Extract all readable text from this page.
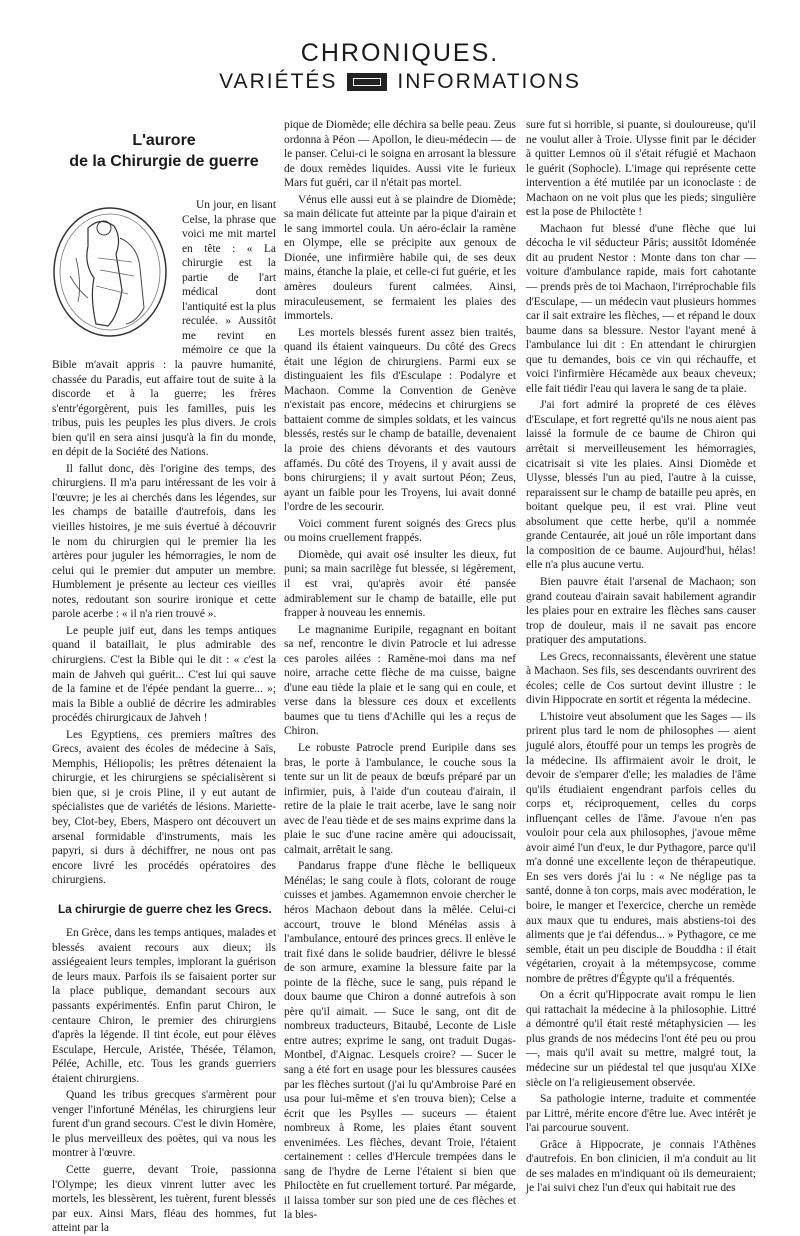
CHRONIQUES.
VARIÉTÉS	INFORMATIONS
L'aurore
de la Chirurgie de guerre

Un jour, en lisant Celse, la phrase que voici me mit martel en tête : « La chirurgie est la partie de l'art médical dont l'antiquité est la plus reculée. » Aussitôt me revint en mémoire ce que la Bible m'avait appris : la pauvre humanité, chassée du Paradis, eut affaire tout de suite à la discorde et à la guerre; les frères s'entr'égorgèrent, puis les familles, puis les tribus, puis les peuples les plus divers. Je crois bien qu'il en sera ainsi jusqu'à la fin du monde, en dépit de la Société des Nations.

Il fallut donc, dès l'origine des temps, des chirurgiens. Il m'a paru intéressant de les voir à l'œuvre; je les ai cherchés dans les légendes, sur les champs de bataille d'autrefois, dans les vieilles histoires, je me suis évertué à découvrir le nom du chirurgien qui le premier lia les artères pour juguler les hémorragies, le nom de celui qui le premier dut amputer un membre. Humblement je présente au lecteur ces vieilles notes, redoutant son sourire ironique et cette parole acerbe : « il n'a rien trouvé ».

Le peuple juif eut, dans les temps antiques quand il bataillait, le plus admirable des chirurgiens. C'est la Bible qui le dit : « c'est la main de Jahveh qui guérit... C'est lui qui sauve de la famine et de l'épée pendant la guerre... »; mais la Bible a oublié de décrire les admirables procédés chirurgicaux de Jahveh !

Les Egyptiens, ces premiers maîtres des Grecs, avaient des écoles de médecine à Saïs, Memphis, Héliopolis; les prêtres détenaient la chirurgie, et les chirurgiens se spécialisèrent si bien que, si je crois Pline, il y eut autant de spécialistes que de variétés de lésions. Mariette-bey, Clot-bey, Ebers, Maspero ont découvert un arsenal formidable d'instruments, mais les papyri, si durs à déchiffrer, ne nous ont pas encore livré les procédés opératoires des chirurgiens.

La chirurgie de guerre chez les Grecs.

En Grèce, dans les temps antiques, malades et blessés avaient recours aux dieux; ils assiégeaient leurs temples, implorant la guérison de leurs maux. Parfois ils se faisaient porter sur la place publique, demandant secours aux passants expérimentés. Enfin parut Chiron, le centaure Chiron, le premier des chirurgiens d'après la légende. Il tint école, eut pour élèves Esculape, Hercule, Aristée, Thésée, Télamon, Pélée, Achille, etc. Tous les grands guerriers étaient chirurgiens.

Quand les tribus grecques s'armèrent pour venger l'infortuné Ménélas, les chirurgiens leur furent d'un grand secours. C'est le divin Homère, le plus merveilleux des poètes, qui va nous les montrer à l'œuvre.

Cette guerre, devant Troie, passionna l'Olympe; les dieux vinrent lutter avec les mortels, les blessèrent, les tuèrent, furent blessés par eux. Ainsi Mars, fléau des hommes, fut atteint par la

pique de Diomède; elle déchira sa belle peau. Zeus ordonna à Péon — Apollon, le dieu-médecin — de le panser. Celui-ci le soigna en arrosant la blessure de doux remèdes liquides. Aussi vite le furieux Mars fut guéri, car il n'était pas mortel.

Vénus elle aussi eut à se plaindre de Diomède; sa main délicate fut atteinte par la pique d'airain et le sang immortel coula. Un aéro-éclair la ramène en Olympe, elle se précipite aux genoux de Dionée, une infirmière habile qui, de ses deux mains, étanche la plaie, et celle-ci fut guérie, et les amères douleurs furent calmées. Ainsi, miraculeusement, se fermaient les plaies des immortels.

Les mortels blessés furent assez bien traités, quand ils étaient vainqueurs. Du côté des Grecs était une légion de chirurgiens. Parmi eux se distinguaient les fils d'Esculape : Podalyre et Machaon. Comme la Convention de Genève n'existait pas encore, médecins et chirurgiens se battaient comme de simples soldats, et les vaincus blessés, restés sur le champ de bataille, devenaient la proie des chiens dévorants et des vautours affamés. Du côté des Troyens, il y avait aussi de bons chirurgiens; il y avait surtout Péon; Zeus, ayant un faible pour les Troyens, lui avait donné l'ordre de les secourir.

Voici comment furent soignés des Grecs plus ou moins cruellement frappés.

Diomède, qui avait osé insulter les dieux, fut puni; sa main sacrilège fut blessée, si légèrement, il est vrai, qu'après avoir été pansée admirablement sur le champ de bataille, elle put frapper à nouveau les ennemis.

Le magnanime Euripile, regagnant en boitant sa nef, rencontre le divin Patrocle et lui adresse ces paroles ailées : Ramène-moi dans ma nef noire, arrache cette flèche de ma cuisse, baigne d'une eau tiède la plaie et le sang qui en coule, et verse dans la blessure ces doux et excellents baumes que tu tiens d'Achille qui les a reçus de Chiron.

Le robuste Patrocle prend Euripile dans ses bras, le porte à l'ambulance, le couche sous la tente sur un lit de peaux de bœufs préparé par un infirmier, puis, à l'aide d'un couteau d'airain, il retire de la plaie le trait acerbe, lave le sang noir avec de l'eau tiède et de ses mains exprime dans la plaie le suc d'une racine amère qui adoucissait, calmait, arrêtait le sang.

Pandarus frappe d'une flèche le belliqueux Ménélas; le sang coule à flots, colorant de rouge cuisses et jambes. Agamemnon envoie chercher le héros Machaon debout dans la mêlée. Celui-ci accourt, trouve le blond Ménélas assis à l'ambulance, entouré des princes grecs. Il enlève le trait fixé dans le solide baudrier, délivre le blessé de son armure, examine la blessure faite par la pointe de la flèche, suce le sang, puis répand le doux baume que Chiron a donné autrefois à son père qu'il aimait. — Suce le sang, ont dit de nombreux traducteurs, Bitaubé, Leconte de Lisle entre autres; exprime le sang, ont traduit Dugas-Montbel, d'Aignac. Lesquels croire? — Sucer le sang a été fort en usage pour les blessures causées par les flèches surtout (j'ai lu qu'Ambroise Paré en usa pour lui-même et s'en trouva bien); Celse a écrit que les Psylles — suceurs — étaient nombreux à Rome, les plaies étant souvent envenimées. Les flèches, devant Troie, l'étaient certainement : celles d'Hercule trempées dans le sang de l'hydre de Lerne l'étaient si bien que Philoctète en fut cruellement torturé. Par mégarde, il laissa tomber sur son pied une de ces flèches et la bles-

sure fut si horrible, si puante, si douloureuse, qu'il ne voulut aller à Troie. Ulysse finit par le décider à quitter Lemnos où il s'était réfugié et Machaon le guérit (Sophocle). L'image qui représente cette intervention a été mutilée par un iconoclaste : de Machaon on ne voit plus que les pieds; singulière est la pose de Philoctète !

Machaon fut blessé d'une flèche que lui décocha le vil séducteur Pâris; aussitôt Idoménée dit au prudent Nestor : Monte dans ton char — voiture d'ambulance rapide, mais fort cahotante — prends près de toi Machaon, l'irréprochable fils d'Esculape, — un médecin vaut plusieurs hommes car il sait extraire les flèches, — et répand le doux baume dans sa blessure. Nestor l'ayant mené à l'ambulance lui dit : En attendant le chirurgien que tu demandes, bois ce vin qui réchauffe, et voici l'infirmière Hécamède aux beaux cheveux; elle fait tiédir l'eau qui lavera le sang de ta plaie.

J'ai fort admiré la propreté de ces élèves d'Esculape, et fort regretté qu'ils ne nous aient pas laissé la formule de ce baume de Chiron qui arrêtait si merveilleusement les hémorragies, cicatrisait si vite les plaies. Ainsi Diomède et Ulysse, blessés l'un au pied, l'autre à la cuisse, reparaissent sur le champ de bataille peu après, en boitant quelque peu, il est vrai. Pline veut absolument que cette herbe, qu'il a nommée grande Centaurée, ait joué un rôle important dans la composition de ce baume. Aujourd'hui, hélas! elle n'a plus aucune vertu.

Bien pauvre était l'arsenal de Machaon; son grand couteau d'airain savait habilement agrandir les plaies pour en extraire les flèches sans causer trop de douleur, mais il ne savait pas encore pratiquer des amputations.

Les Grecs, reconnaissants, élevèrent une statue à Machaon. Ses fils, ses descendants ouvrirent des écoles; celle de Cos surtout devint illustre : le divin Hippocrate en sortit et régenta la médecine.

L'histoire veut absolument que les Sages — ils prirent plus tard le nom de philosophes — aient jugulé alors, étouffé pour un temps les progrès de la médecine. Ils affirmaient avoir le droit, le devoir de s'emparer d'elle; les maladies de l'âme qu'ils étudiaient engendrant parfois celles du corps et, réciproquement, celles du corps influençant celles de l'âme. J'avoue n'en pas vouloir pour cela aux philosophes, j'avoue même avoir aimé l'un d'eux, le dur Pythagore, parce qu'il m'a donné une excellente leçon de thérapeutique. En ses vers dorés j'ai lu : « Ne néglige pas ta santé, donne à ton corps, mais avec modération, le boire, le manger et l'exercice, cherche un remède aux maux que tu endures, mais abstiens-toi des aliments que je t'ai défendus... » Pythagore, ce me semble, était un peu disciple de Bouddha : il était végétarien, croyait à la métempsycose, comme nombre de prêtres d'Égypte qu'il a fréquentés.

On a écrit qu'Hippocrate avait rompu le lien qui rattachait la médecine à la philosophie. Littré a démontré qu'il était resté métaphysicien — les plus grands de nos médecins l'ont été peu ou prou —, mais qu'il avait su mettre, malgré tout, la médecine sur un piédestal tel que jusqu'au XIXe siècle on l'a religieusement observée.

Sa pathologie interne, traduite et commentée par Littré, mérite encore d'être lue. Avec intérêt je l'ai parcourue souvent.

Grâce à Hippocrate, je connais l'Athènes d'autrefois. En bon clinicien, il m'a conduit au lit de ses malades en m'indiquant où ils demeuraient; je l'ai suivi chez l'un d'eux qui habitait rue des
